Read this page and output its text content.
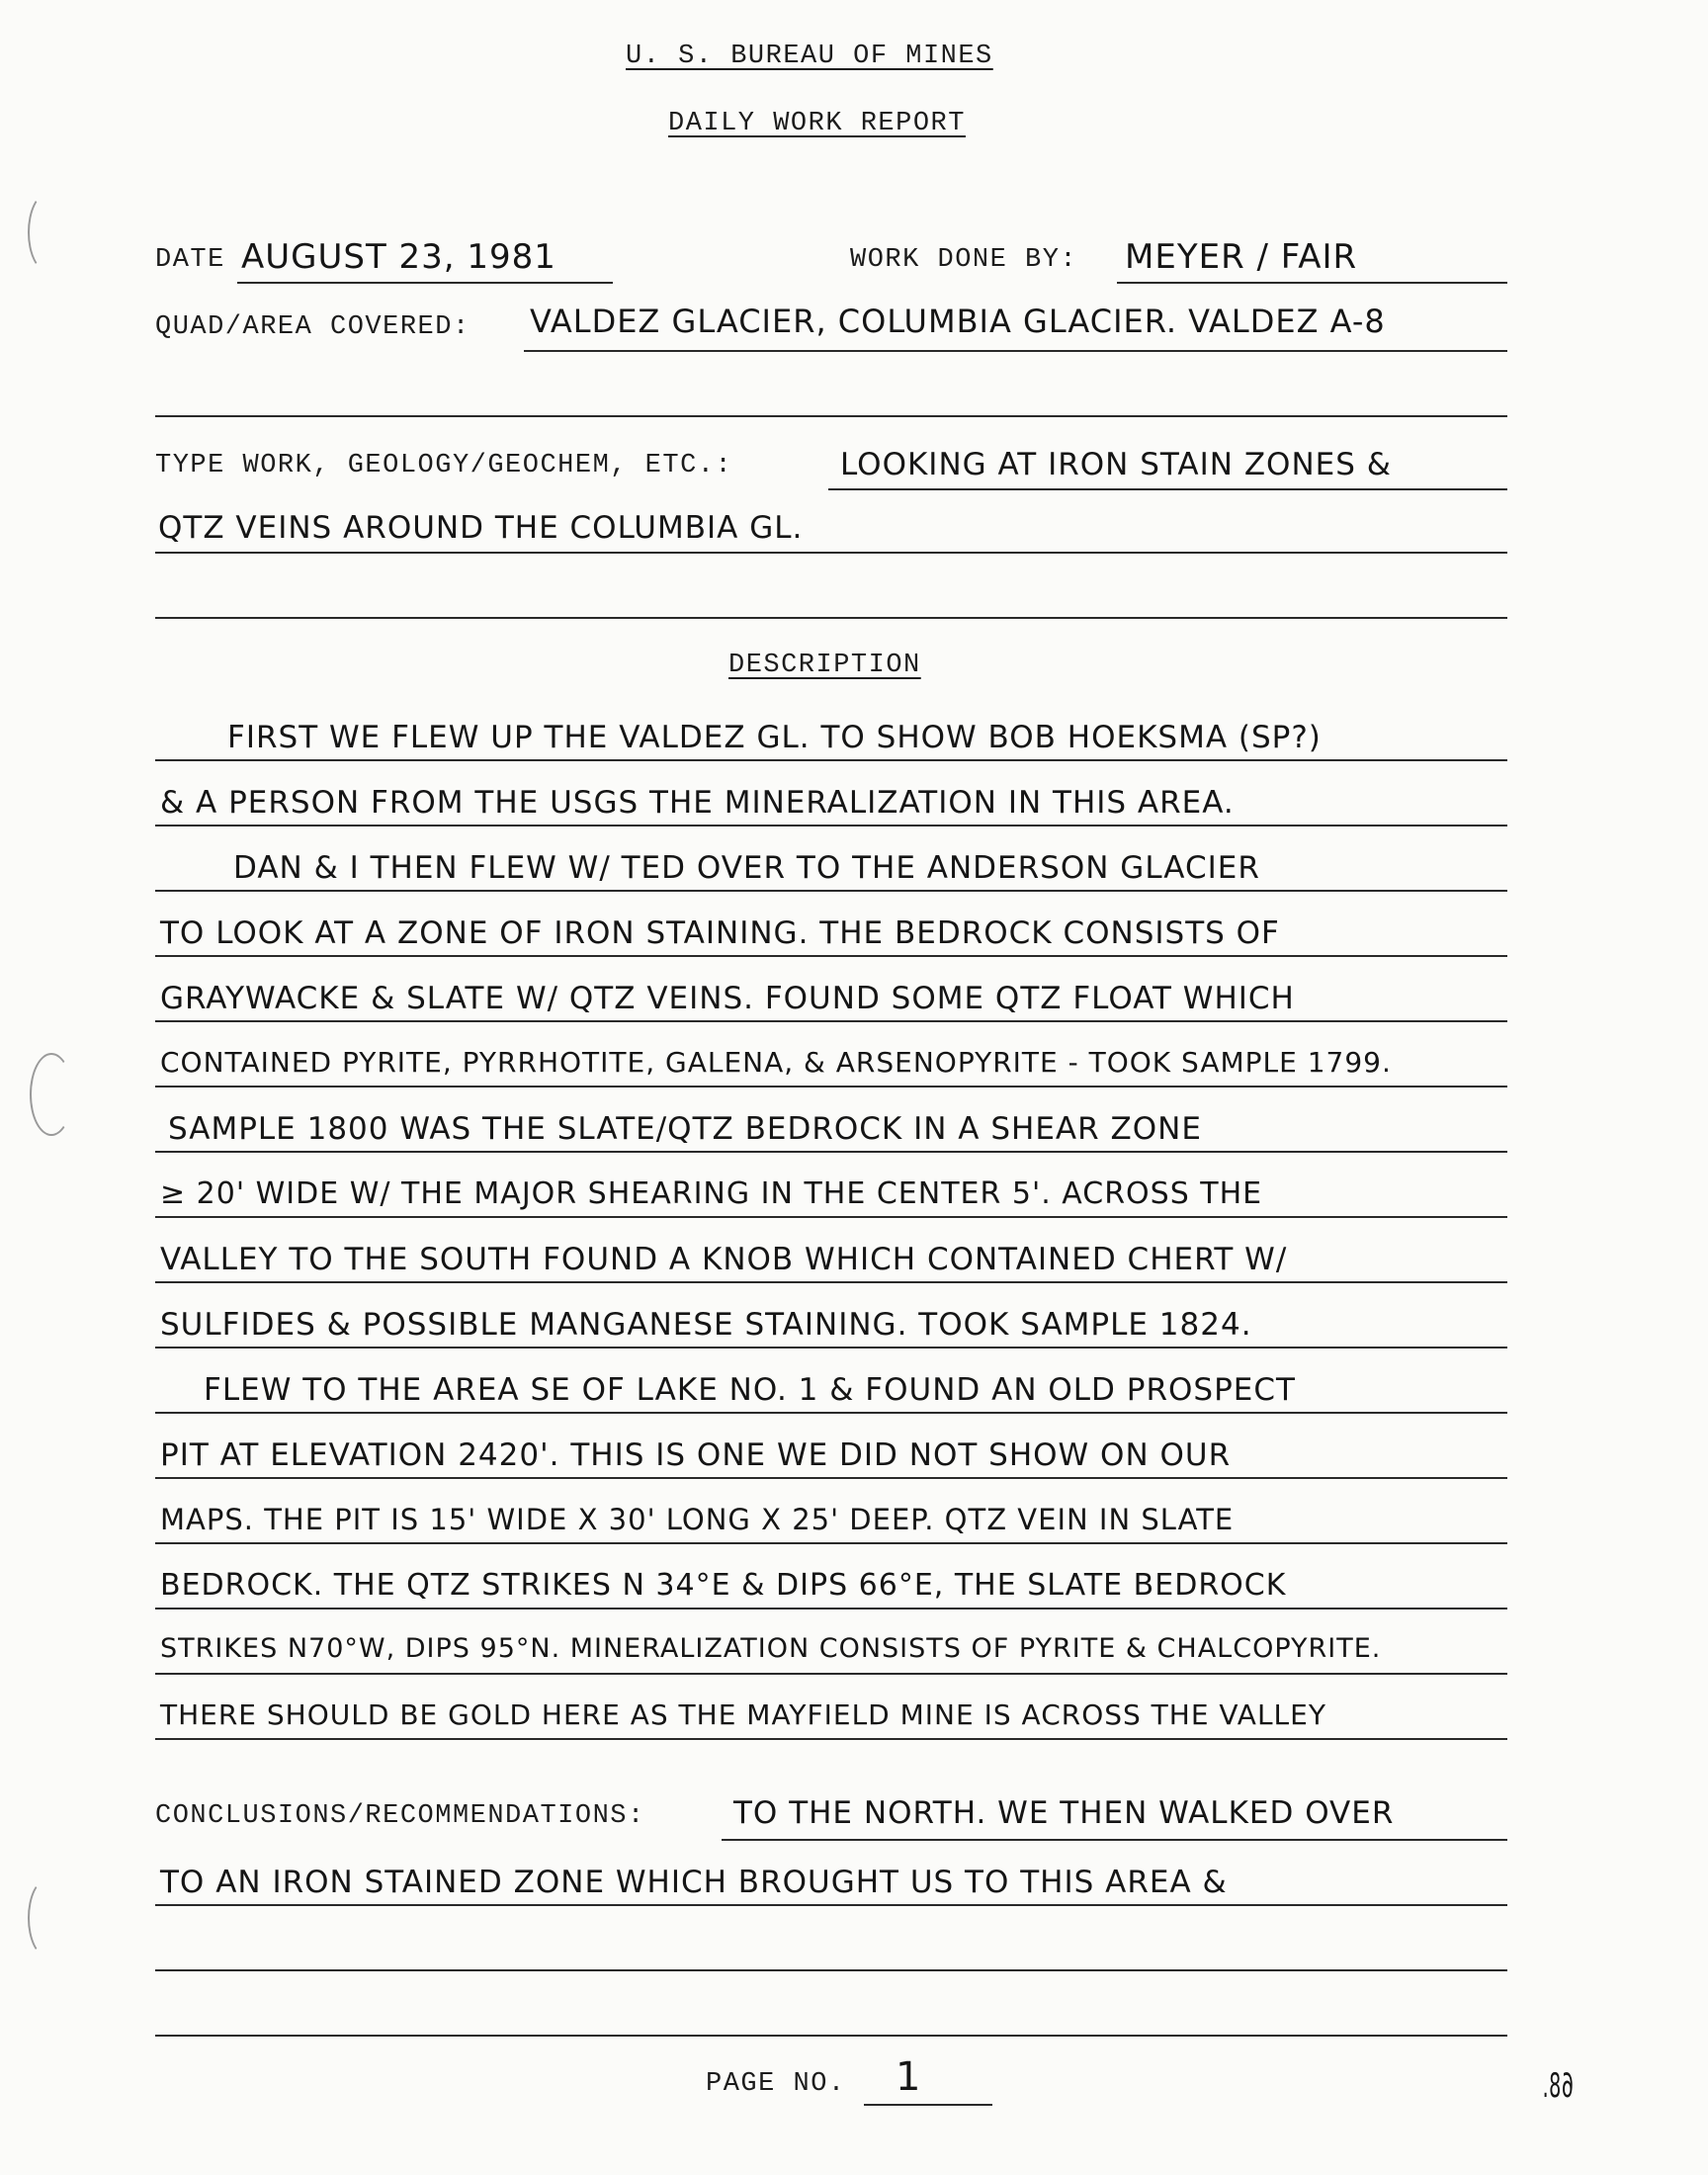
U. S. BUREAU OF MINES
DAILY WORK REPORT
DATE AUGUST 23, 1981	WORK DONE BY: MEYER / FAIR
QUAD/AREA COVERED: VALDEZ GLACIER, COLUMBIA GLACIER. VALDEZ A-8
TYPE WORK, GEOLOGY/GEOCHEM, ETC.:	LOOKING AT IRON STAIN ZONES &
QTZ VEINS AROUND THE COLUMBIA GL.
DESCRIPTION
FIRST WE FLEW UP THE VALDEZ GL. TO SHOW BOB HOEKSMA (SP?)
& A PERSON FROM THE USGS THE MINERALIZATION IN THIS AREA.
DAN & I THEN FLEW W/ TED OVER TO THE ANDERSON GLACIER
TO LOOK AT A ZONE OF IRON STAINING. THE BEDROCK CONSISTS OF
GRAYWACKE & SLATE W/ QTZ VEINS. FOUND SOME QTZ FLOAT WHICH
CONTAINED PYRITE, PYRRHOTITE, GALENA, & ARSENOPYRITE - TOOK SAMPLE 1799.
SAMPLE 1800 WAS THE SLATE/QTZ BEDROCK IN A SHEAR ZONE
≥ 20' WIDE W/ THE MAJOR SHEARING IN THE CENTER 5'. ACROSS THE
VALLEY TO THE SOUTH FOUND A KNOB WHICH CONTAINED CHERT W/
SULFIDES & POSSIBLE MANGANESE STAINING. TOOK SAMPLE 1824.
FLEW TO THE AREA SE OF LAKE NO. 1 & FOUND AN OLD PROSPECT
PIT AT ELEVATION 2420'. THIS IS ONE WE DID NOT SHOW ON OUR
MAPS. THE PIT IS 15' WIDE X 30' LONG X 25' DEEP. QTZ VEIN IN SLATE
BEDROCK. THE QTZ STRIKES N 34°E & DIPS 66°E, THE SLATE BEDROCK
STRIKES N70°W, DIPS 95°N. MINERALIZATION CONSISTS OF PYRITE & CHALCOPYRITE.
THERE SHOULD BE GOLD HERE AS THE MAYFIELD MINE IS ACROSS THE VALLEY
CONCLUSIONS/RECOMMENDATIONS:	TO THE NORTH. WE THEN WALKED OVER
TO AN IRON STAINED ZONE WHICH BROUGHT US TO THIS AREA &
PAGE NO. 1	68.
